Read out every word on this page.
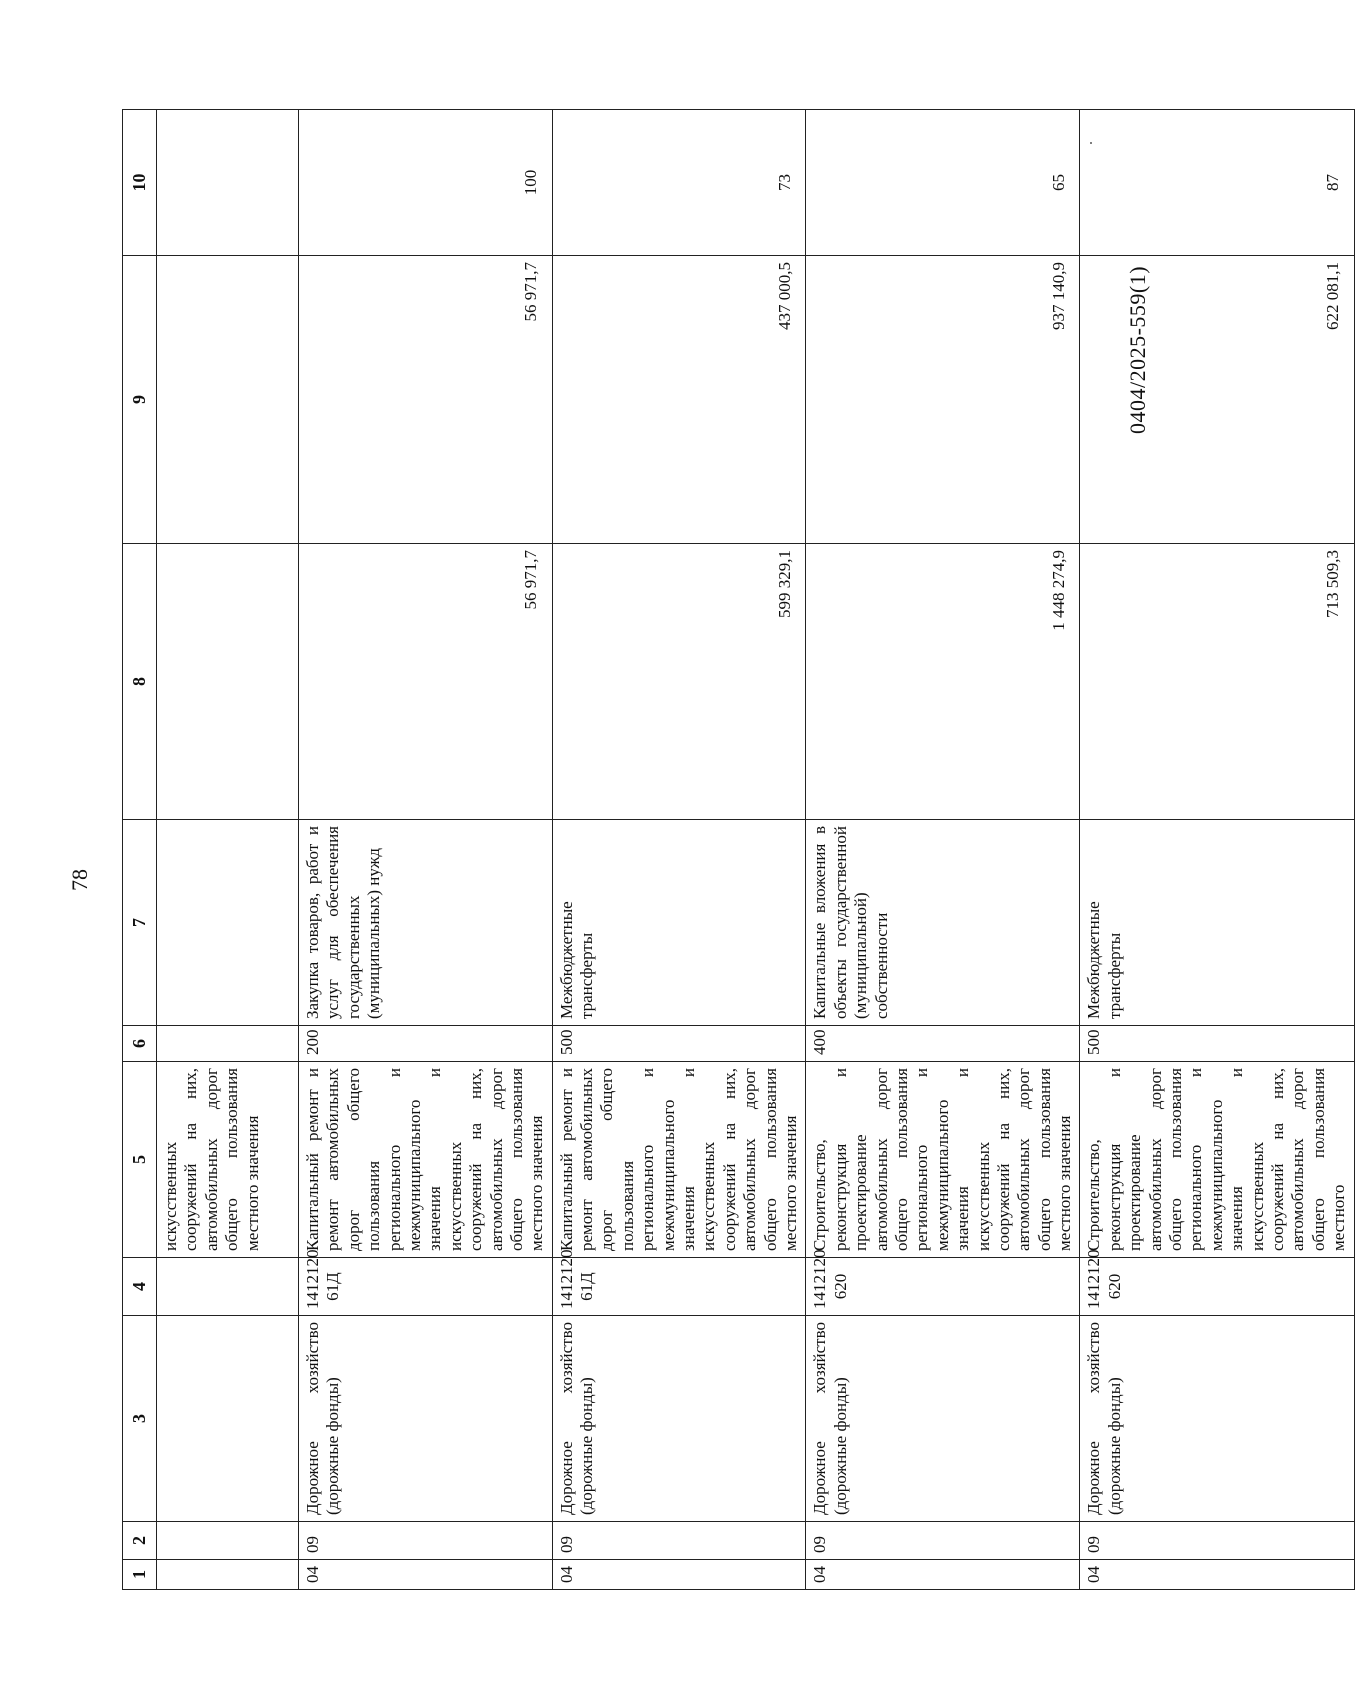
78
0404/2025-559(1)
1	2	3	4	5	6	7	8	9	10
				искусственных сооружений на них, автомобильных дорог общего пользования местного значения					
04	09	Дорожное хозяйство (дорожные фонды)	1412120 61Д	Капитальный ремонт и ремонт автомобильных дорог общего пользования регионального и межмуниципального значения и искусственных сооружений на них, автомобильных дорог общего пользования местного значения	200	Закупка товаров, работ и услуг для обеспечения государственных (муниципальных) нужд	56 971,7	56 971,7	100
04	09	Дорожное хозяйство (дорожные фонды)	1412120 61Д	Капитальный ремонт и ремонт автомобильных дорог общего пользования регионального и межмуниципального значения и искусственных сооружений на них, автомобильных дорог общего пользования местного значения	500	Межбюджетные трансферты	599 329,1	437 000,5	73
04	09	Дорожное хозяйство (дорожные фонды)	1412120 620	Строительство, реконструкция и проектирование автомобильных дорог общего пользования регионального и межмуниципального значения и искусственных сооружений на них, автомобильных дорог общего пользования местного значения	400	Капитальные вложения в объекты государственной (муниципальной) собственности	1 448 274,9	937 140,9	65
04	09	Дорожное хозяйство (дорожные фонды)	1412120 620	Строительство, реконструкция и проектирование автомобильных дорог общего пользования регионального и межмуниципального значения и искусственных сооружений на них, автомобильных дорог общего пользования местного	500	Межбюджетные трансферты	713 509,3	622 081,1	87
